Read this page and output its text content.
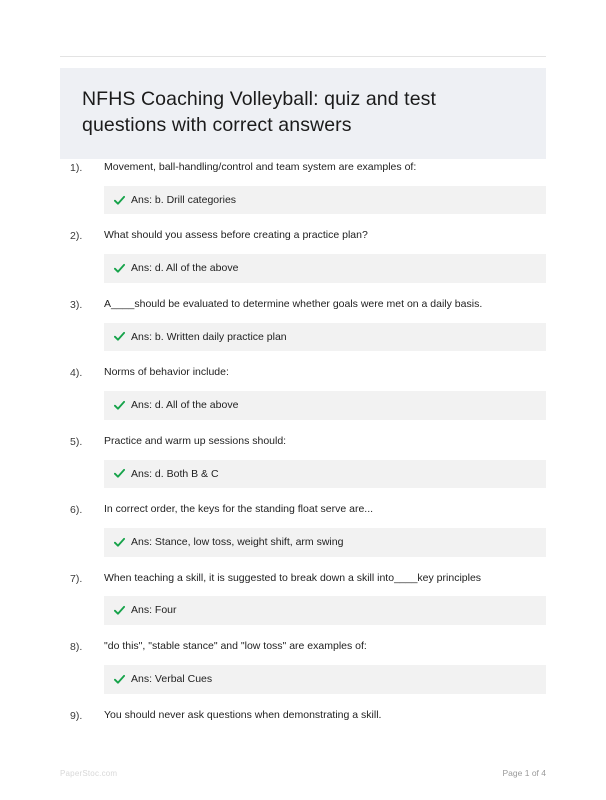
NFHS Coaching Volleyball: quiz and test questions with correct answers
1).	Movement, ball-handling/control and team system are examples of:
Ans: b. Drill categories
2).	What should you assess before creating a practice plan?
Ans: d. All of the above
3).	A____should be evaluated to determine whether goals were met on a daily basis.
Ans: b. Written daily practice plan
4).	Norms of behavior include:
Ans: d. All of the above
5).	Practice and warm up sessions should:
Ans: d. Both B & C
6).	In correct order, the keys for the standing float serve are...
Ans: Stance, low toss, weight shift, arm swing
7).	When teaching a skill, it is suggested to break down a skill into____key principles
Ans: Four
8).	"do this", "stable stance" and "low toss" are examples of:
Ans: Verbal Cues
9).	You should never ask questions when demonstrating a skill.
PaperStoc.com	Page 1 of 4
